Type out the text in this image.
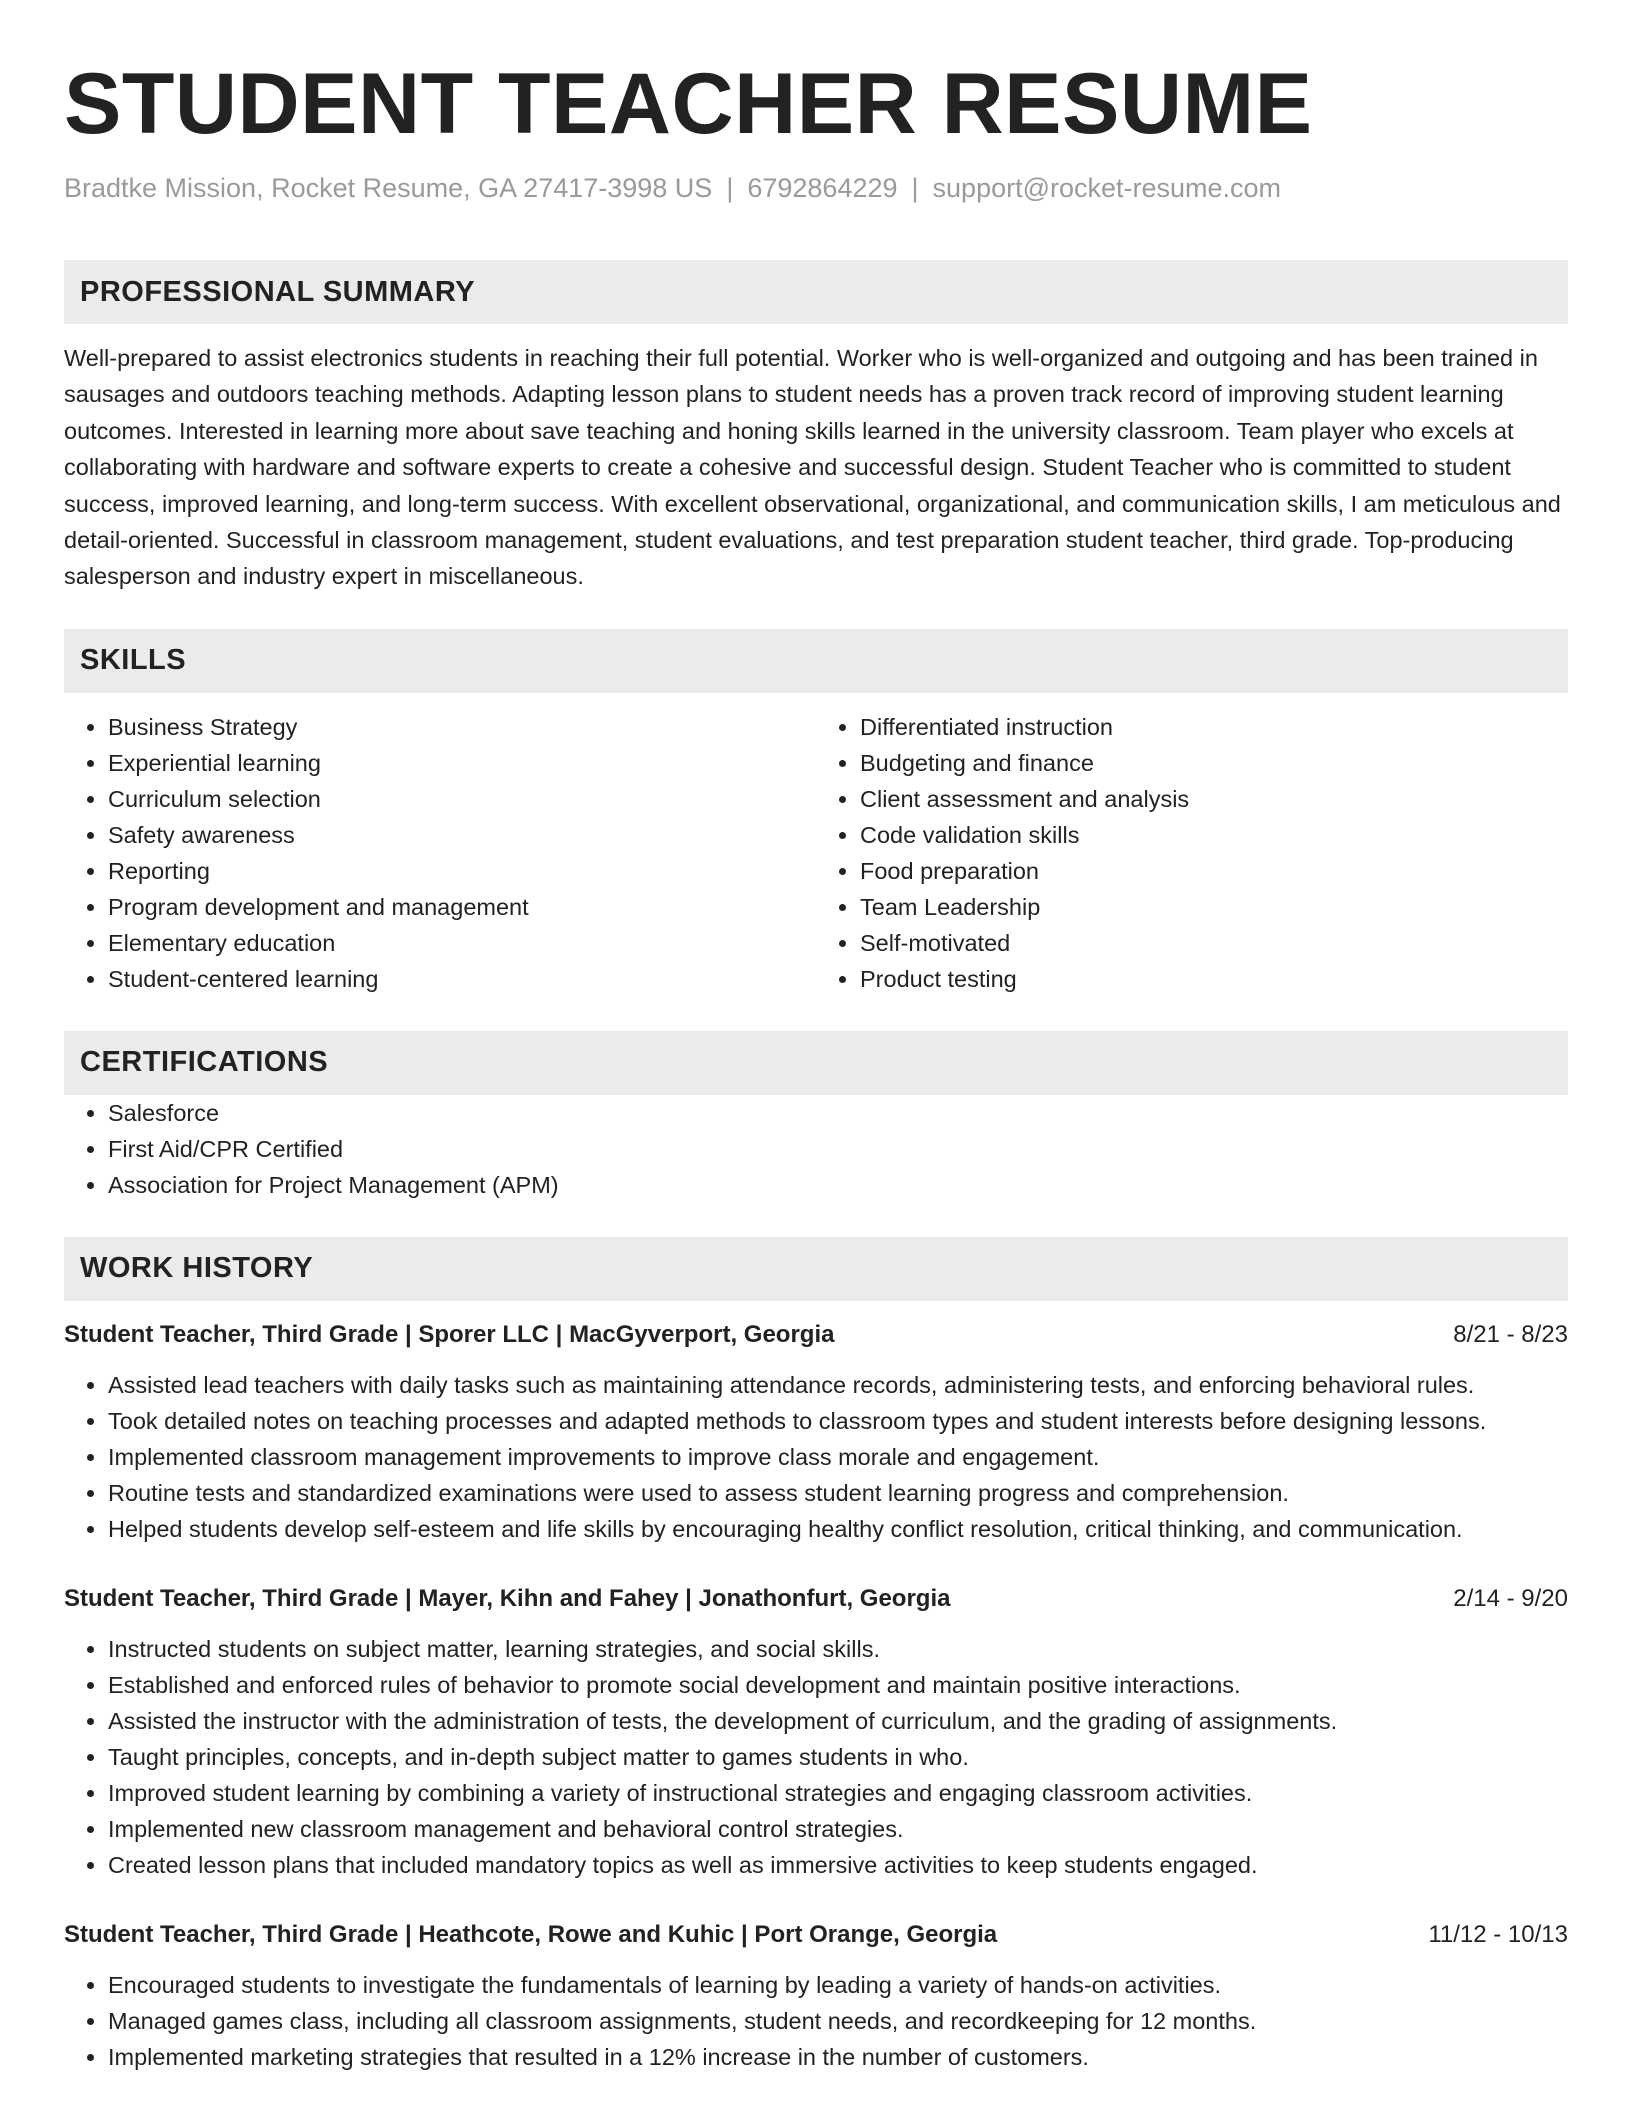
STUDENT TEACHER RESUME
Bradtke Mission, Rocket Resume, GA 27417-3998 US | 6792864229 | support@rocket-resume.com
PROFESSIONAL SUMMARY

Well-prepared to assist electronics students in reaching their full potential. Worker who is well-organized and outgoing and has been trained in sausages and outdoors teaching methods. Adapting lesson plans to student needs has a proven track record of improving student learning outcomes. Interested in learning more about save teaching and honing skills learned in the university classroom. Team player who excels at collaborating with hardware and software experts to create a cohesive and successful design. Student Teacher who is committed to student success, improved learning, and long-term success. With excellent observational, organizational, and communication skills, I am meticulous and detail-oriented. Successful in classroom management, student evaluations, and test preparation student teacher, third grade. Top-producing salesperson and industry expert in miscellaneous.

SKILLS
• Business Strategy
• Experiential learning
• Curriculum selection
• Safety awareness
• Reporting
• Program development and management
• Elementary education
• Student-centered learning
• Differentiated instruction
• Budgeting and finance
• Client assessment and analysis
• Code validation skills
• Food preparation
• Team Leadership
• Self-motivated
• Product testing
CERTIFICATIONS
• Salesforce
• First Aid/CPR Certified
• Association for Project Management (APM)
WORK HISTORY
Student Teacher, Third Grade | Sporer LLC | MacGyverport, Georgia	8/21 - 8/23
• Assisted lead teachers with daily tasks such as maintaining attendance records, administering tests, and enforcing behavioral rules.
• Took detailed notes on teaching processes and adapted methods to classroom types and student interests before designing lessons.
• Implemented classroom management improvements to improve class morale and engagement.
• Routine tests and standardized examinations were used to assess student learning progress and comprehension.
• Helped students develop self-esteem and life skills by encouraging healthy conflict resolution, critical thinking, and communication.
Student Teacher, Third Grade | Mayer, Kihn and Fahey | Jonathonfurt, Georgia	2/14 - 9/20
• Instructed students on subject matter, learning strategies, and social skills.
• Established and enforced rules of behavior to promote social development and maintain positive interactions.
• Assisted the instructor with the administration of tests, the development of curriculum, and the grading of assignments.
• Taught principles, concepts, and in-depth subject matter to games students in who.
• Improved student learning by combining a variety of instructional strategies and engaging classroom activities.
• Implemented new classroom management and behavioral control strategies.
• Created lesson plans that included mandatory topics as well as immersive activities to keep students engaged.
Student Teacher, Third Grade | Heathcote, Rowe and Kuhic | Port Orange, Georgia	11/12 - 10/13
• Encouraged students to investigate the fundamentals of learning by leading a variety of hands-on activities.
• Managed games class, including all classroom assignments, student needs, and recordkeeping for 12 months.
• Implemented marketing strategies that resulted in a 12% increase in the number of customers.
